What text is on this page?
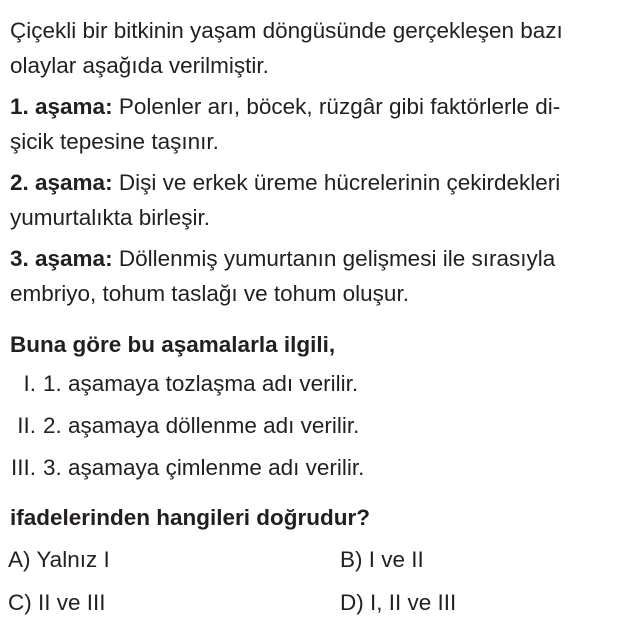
Çiçekli bir bitkinin yaşam döngüsünde gerçekleşen bazı
olaylar aşağıda verilmiştir.
1. aşama: Polenler arı, böcek, rüzgâr gibi faktörlerle di-
şicik tepesine taşınır.
2. aşama: Dişi ve erkek üreme hücrelerinin çekirdekleri
yumurtalıkta birleşir.
3. aşama: Döllenmiş yumurtanın gelişmesi ile sırasıyla
embriyo, tohum taslağı ve tohum oluşur.
Buna göre bu aşamalarla ilgili,
I. 1. aşamaya tozlaşma adı verilir.
II. 2. aşamaya döllenme adı verilir.
III. 3. aşamaya çimlenme adı verilir.
ifadelerinden hangileri doğrudur?
A) Yalnız I	B) I ve II
C) II ve III	D) I, II ve III
